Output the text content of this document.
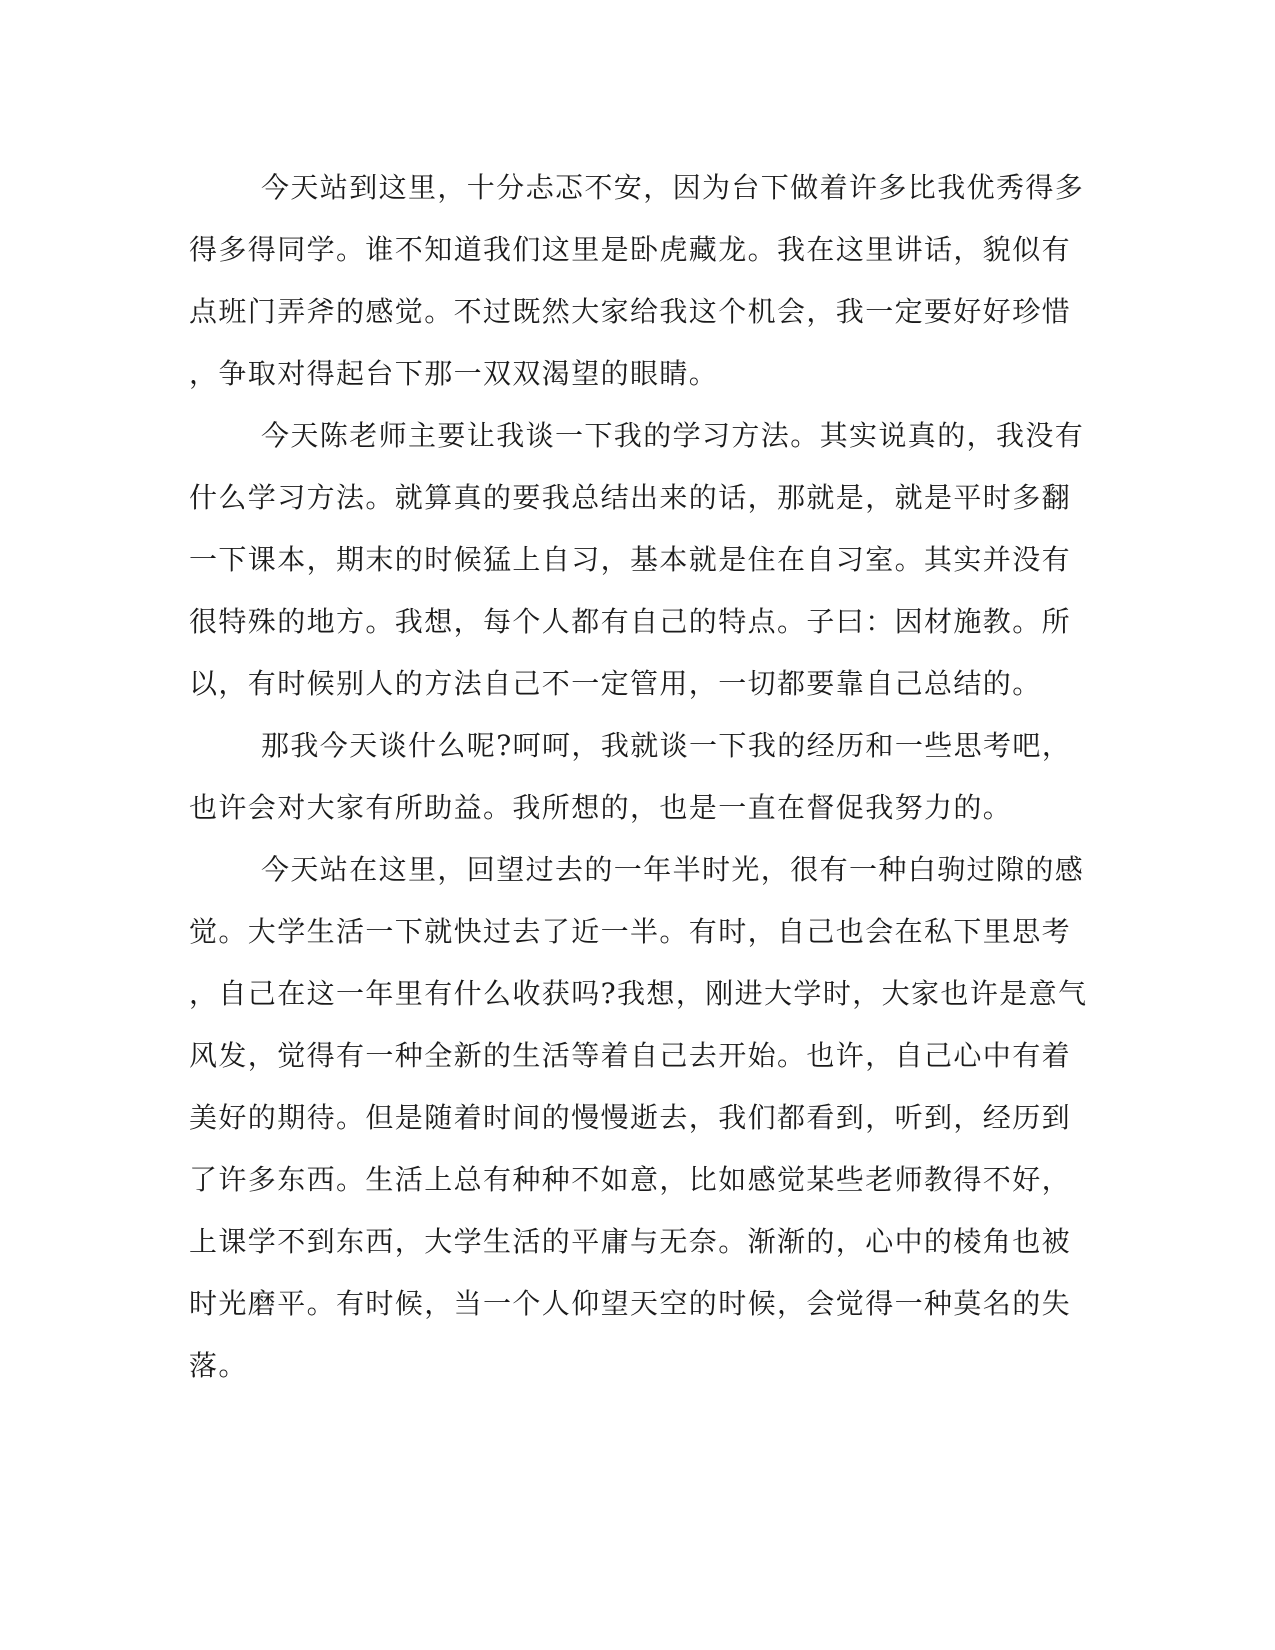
今天站到这里，十分忐忑不安，因为台下做着许多比我优秀得多
得多得同学。谁不知道我们这里是卧虎藏龙。我在这里讲话，貌似有
点班门弄斧的感觉。不过既然大家给我这个机会，我一定要好好珍惜
，争取对得起台下那一双双渴望的眼睛。
今天陈老师主要让我谈一下我的学习方法。其实说真的，我没有
什么学习方法。就算真的要我总结出来的话，那就是，就是平时多翻
一下课本，期末的时候猛上自习，基本就是住在自习室。其实并没有
很特殊的地方。我想，每个人都有自己的特点。子曰：因材施教。所
以，有时候别人的方法自己不一定管用，一切都要靠自己总结的。
那我今天谈什么呢?呵呵，我就谈一下我的经历和一些思考吧，
也许会对大家有所助益。我所想的，也是一直在督促我努力的。
今天站在这里，回望过去的一年半时光，很有一种白驹过隙的感
觉。大学生活一下就快过去了近一半。有时，自己也会在私下里思考
，自己在这一年里有什么收获吗?我想，刚进大学时，大家也许是意气
风发，觉得有一种全新的生活等着自己去开始。也许，自己心中有着
美好的期待。但是随着时间的慢慢逝去，我们都看到，听到，经历到
了许多东西。生活上总有种种不如意，比如感觉某些老师教得不好，
上课学不到东西，大学生活的平庸与无奈。渐渐的，心中的棱角也被
时光磨平。有时候，当一个人仰望天空的时候，会觉得一种莫名的失
落。
